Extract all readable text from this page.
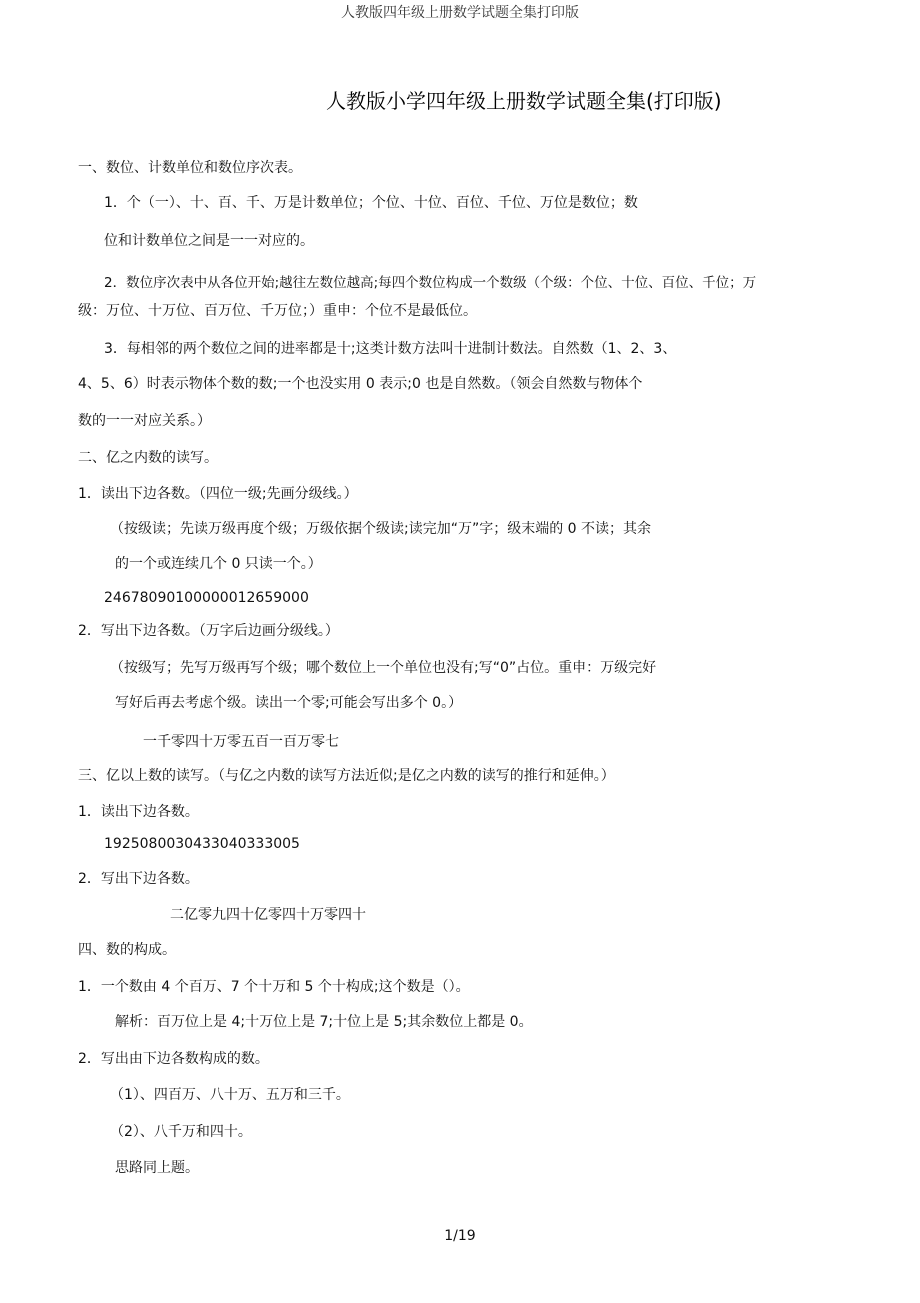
人教版四年级上册数学试题全集打印版
人教版小学四年级上册数学试题全集(打印版)
一、数位、计数单位和数位序次表。
1．个（一）、十、百、千、万是计数单位；个位、十位、百位、千位、万位是数位；数
位和计数单位之间是一一对应的。
2．数位序次表中从各位开始;越往左数位越高;每四个数位构成一个数级（个级：个位、十位、百位、千位；万
级：万位、十万位、百万位、千万位；）重申：个位不是最低位。
3．每相邻的两个数位之间的进率都是十;这类计数方法叫十进制计数法。自然数（1、2、3、
4、5、6）时表示物体个数的数;一个也没实用 0 表示;0 也是自然数。（领会自然数与物体个
数的一一对应关系。）
二、亿之内数的读写。
1．读出下边各数。（四位一级;先画分级线。）
（按级读；先读万级再度个级；万级依据个级读;读完加“万”字；级末端的 0 不读；其余
的一个或连续几个 0 只读一个。）
24678090100000012659000
2．写出下边各数。（万字后边画分级线。）
（按级写；先写万级再写个级；哪个数位上一个单位也没有;写“0”占位。重申：万级完好
写好后再去考虑个级。读出一个零;可能会写出多个 0。）
一千零四十万零五百一百万零七
三、亿以上数的读写。（与亿之内数的读写方法近似;是亿之内数的读写的推行和延伸。）
1．读出下边各数。
1925080030433040333005
2．写出下边各数。
二亿零九四十亿零四十万零四十
四、数的构成。
1．一个数由 4 个百万、7 个十万和 5 个十构成;这个数是（）。
解析：百万位上是 4;十万位上是 7;十位上是 5;其余数位上都是 0。
2．写出由下边各数构成的数。
（1）、四百万、八十万、五万和三千。
（2）、八千万和四十。
思路同上题。
1/19
